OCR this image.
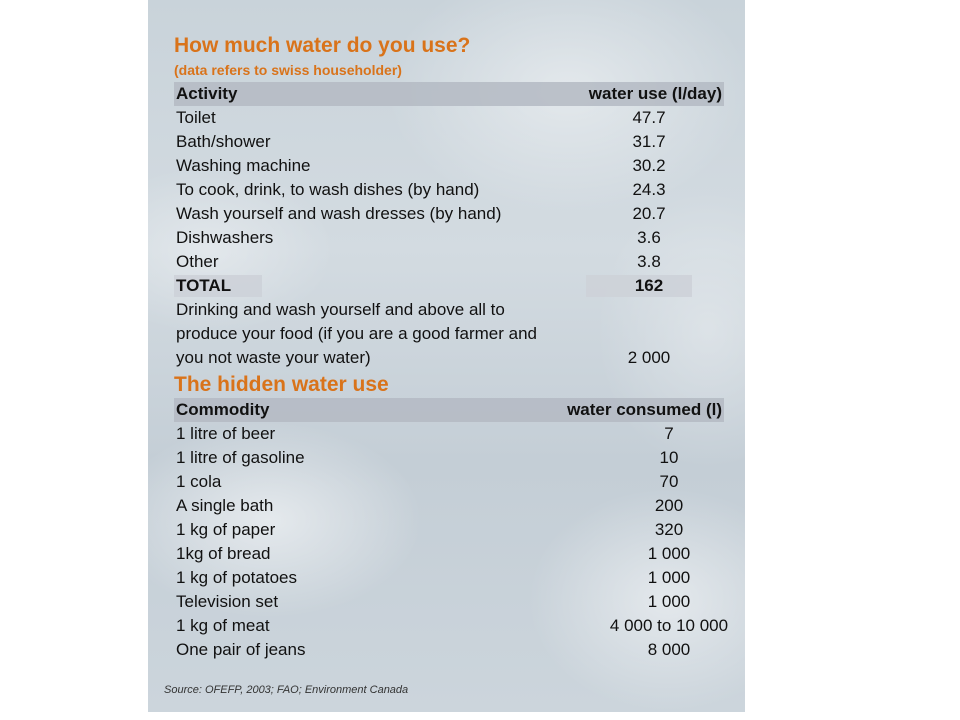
How much water do you use?
(data refers to swiss householder)
Activity	water use (l/day)
Toilet	47.7
Bath/shower	31.7
Washing machine	30.2
To cook, drink, to wash dishes (by hand)	24.3
Wash yourself and wash dresses (by hand)	20.7
Dishwashers	3.6
Other	3.8
TOTAL	162
Drinking and wash yourself and above all to produce your food (if you are a good farmer and you not waste your water)	2 000
The hidden water use
Commodity	water consumed (l)
1 litre of beer	7
1 litre of gasoline	10
1 cola	70
A single bath	200
1 kg of paper	320
1kg of bread	1 000
1 kg of potatoes	1 000
Television set	1 000
1 kg of meat	4 000 to 10 000
One pair of jeans	8 000
Source: OFEFP, 2003; FAO; Environment Canada
